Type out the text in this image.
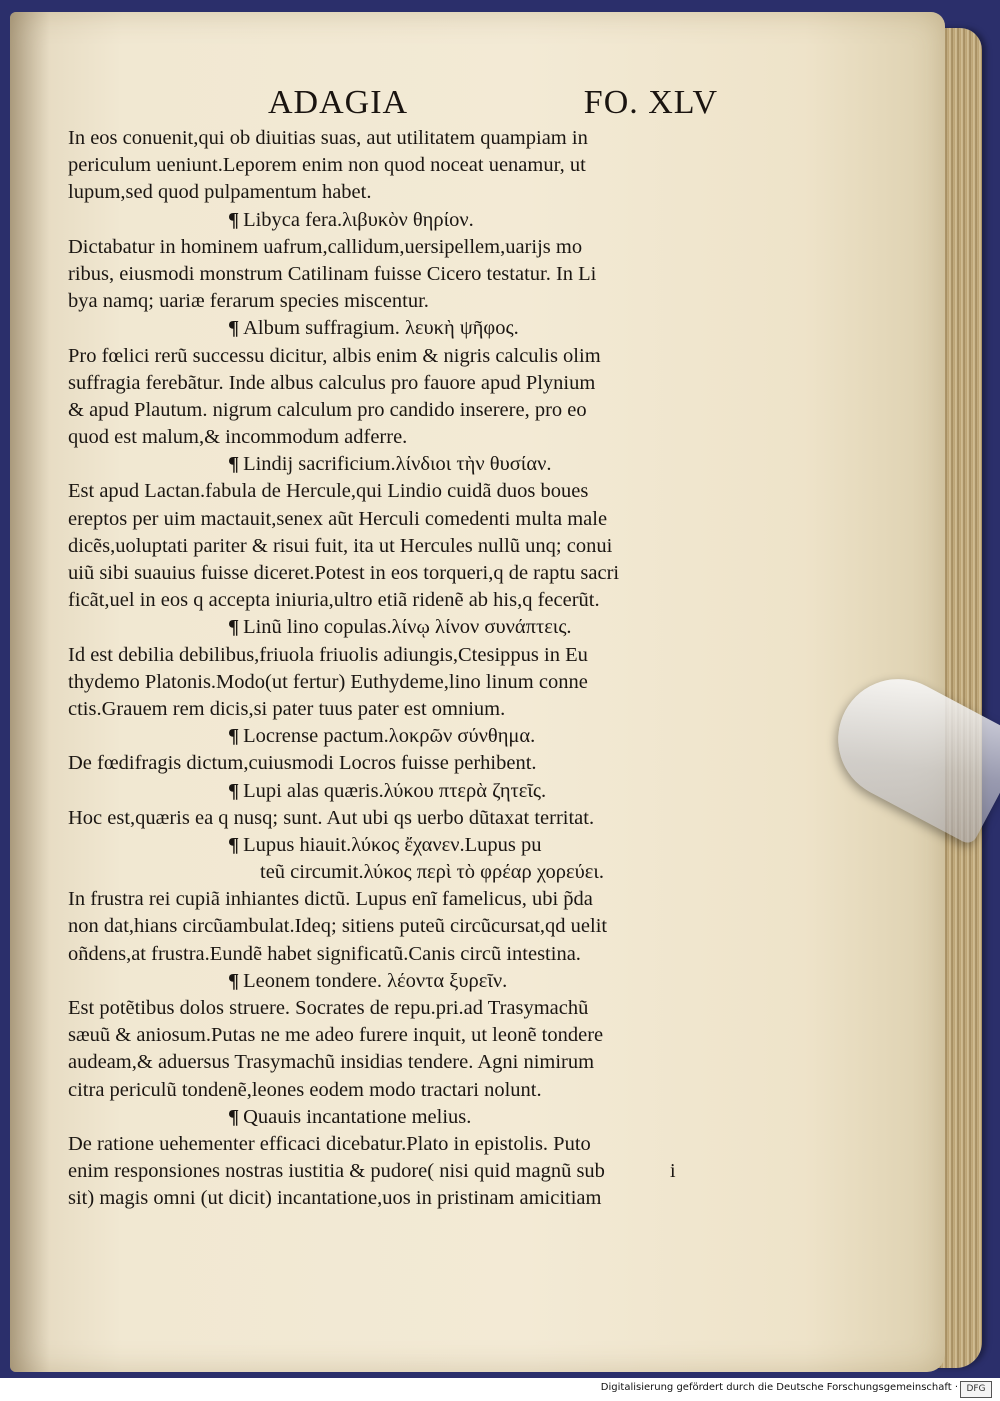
ADAGIA	FO. XLV
In eos conuenit,qui ob diuitias suas, aut utilitatem quampiam in
periculum ueniunt.Leporem enim non quod noceat uenamur, ut
lupum,sed quod pulpamentum habet.
¶ Libyca fera.λιβυκὸν θηρίον.
Dictabatur in hominem uafrum,callidum,uersipellem,uarijs mo
ribus, eiusmodi monstrum Catilinam fuisse Cicero testatur. In Li
bya namq; uariæ ferarum species miscentur.
¶ Album suffragium. λευκὴ ψῆφος.
Pro fœlici rerũ successu dicitur, albis enim & nigris calculis olim
suffragia ferebãtur. Inde albus calculus pro fauore apud Plynium
& apud Plautum. nigrum calculum pro candido inserere, pro eo
quod est malum,& incommodum adferre.
¶ Lindij sacrificium.λίνδιοι τὴν θυσίαν.
Est apud Lactan.fabula de Hercule,qui Lindio cuidã duos boues
ereptos per uim mactauit,senex aũt Herculi comedenti multa male
dicẽs,uoluptati pariter & risui fuit, ita ut Hercules nullũ unq; conui
uiũ sibi suauius fuisse diceret.Potest in eos torqueri,q de raptu sacri
ficãt,uel in eos q accepta iniuria,ultro etiã ridenẽ ab his,q fecerũt.
¶ Linũ lino copulas.λίνῳ λίνον συνάπτεις.
Id est debilia debilibus,friuola friuolis adiungis,Ctesippus in Eu
thydemo Platonis.Modo(ut fertur) Euthydeme,lino linum conne
ctis.Grauem rem dicis,si pater tuus pater est omnium.
¶ Locrense pactum.λοκρῶν σύνθημα.
De fœdifragis dictum,cuiusmodi Locros fuisse perhibent.
¶ Lupi alas quæris.λύκου πτερὰ ζητεῖς.
Hoc est,quæris ea q nusq; sunt. Aut ubi qs uerbo dũtaxat territat.
¶ Lupus hiauit.λύκος ἔχανεν.Lupus pu
teũ circumit.λύκος περὶ τὸ φρέαρ χορεύει.
In frustra rei cupiã inhiantes dictũ. Lupus enĩ famelicus, ubi p̃da
non dat,hians circũambulat.Ideq; sitiens puteũ circũcursat,qd uelit
oñdens,at frustra.Eundẽ habet significatũ.Canis circũ intestina.
¶ Leonem tondere. λέοντα ξυρεῖν.
Est potẽtibus dolos struere. Socrates de repu.pri.ad Trasymachũ
sæuũ & aniosum.Putas ne me adeo furere inquit, ut leonẽ tondere
audeam,& aduersus Trasymachũ insidias tendere. Agni nimirum
citra periculũ tondenẽ,leones eodem modo tractari nolunt.
¶ Quauis incantatione melius.
De ratione uehementer efficaci dicebatur.Plato in epistolis. Puto
enim responsiones nostras iustitia & pudore( nisi quid magnũ sub
sit) magis omni (ut dicit) incantatione,uos in pristinam amicitiam
i
Digitalisierung gefördert durch die Deutsche Forschungsgemeinschaft · DFG
